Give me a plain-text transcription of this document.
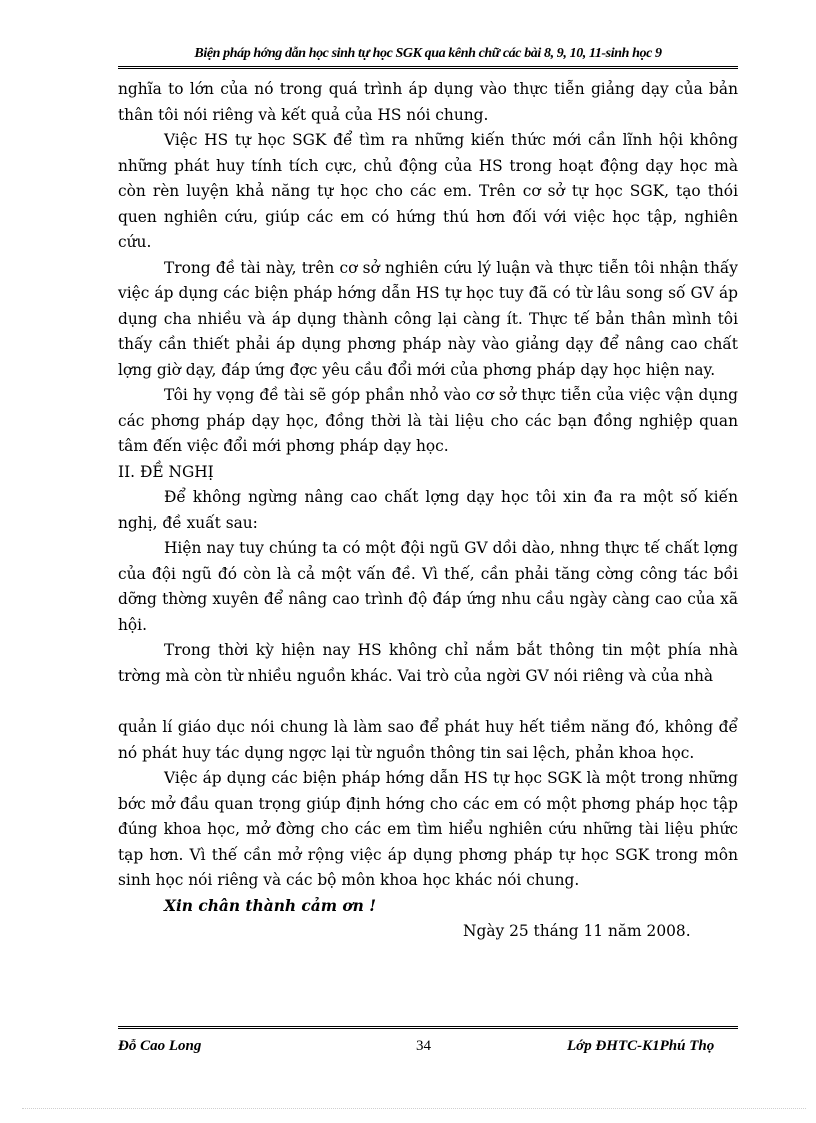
Biện pháp hớng dẫn học sinh tự học SGK qua kênh chữ các bài 8, 9, 10, 11-sinh học 9

nghĩa to lớn của nó trong quá trình áp dụng vào thực tiễn giảng dạy của bản thân tôi nói riêng và kết quả của HS nói chung.

Việc HS tự học SGK để tìm ra những kiến thức mới cần lĩnh hội không những phát huy tính tích cực, chủ động của HS trong hoạt động dạy học mà còn rèn luyện khả năng tự học cho các em. Trên cơ sở tự học SGK, tạo thói quen nghiên cứu, giúp các em có hứng thú hơn đối với việc học tập, nghiên cứu.

Trong đề tài này, trên cơ sở nghiên cứu lý luận và thực tiễn tôi nhận thấy việc áp dụng các biện pháp hớng dẫn HS tự học tuy đã có từ lâu song số GV áp dụng cha nhiều và áp dụng thành công lại càng ít. Thực tế bản thân mình tôi thấy cần thiết phải áp dụng phơng pháp này vào giảng dạy để nâng cao chất lợng giờ dạy, đáp ứng đợc yêu cầu đổi mới của phơng pháp dạy học hiện nay.

Tôi hy vọng đề tài sẽ góp phần nhỏ vào cơ sở thực tiễn của việc vận dụng các phơng pháp dạy học, đồng thời là tài liệu cho các bạn đồng nghiệp quan tâm đến việc đổi mới phơng pháp dạy học.

II. ĐỀ NGHỊ

Để không ngừng nâng cao chất lợng dạy học tôi xin đa ra một số kiến nghị, đề xuất sau:

Hiện nay tuy chúng ta có một đội ngũ GV dồi dào, nhng thực tế chất lợng của đội ngũ đó còn là cả một vấn đề. Vì thế, cần phải tăng cờng công tác bồi dỡng thờng xuyên để nâng cao trình độ đáp ứng nhu cầu ngày càng cao của xã hội.

Trong thời kỳ hiện nay HS không chỉ nắm bắt thông tin một phía nhà trờng mà còn từ nhiều nguồn khác. Vai trò của ngời GV nói riêng và của nhà

quản lí giáo dục nói chung là làm sao để phát huy hết tiềm năng đó, không để nó phát huy tác dụng ngợc lại từ nguồn thông tin sai lệch, phản khoa học.

Việc áp dụng các biện pháp hớng dẫn HS tự học SGK là một trong những bớc mở đầu quan trọng giúp định hớng cho các em có một phơng pháp học tập đúng khoa học, mở đờng cho các em tìm hiểu nghiên cứu những tài liệu phức tạp hơn. Vì thế cần mở rộng việc áp dụng phơng pháp tự học SGK trong môn sinh học nói riêng và các bộ môn khoa học khác nói chung.

Xin chân thành cảm ơn !

Ngày 25 tháng 11 năm 2008.

Đỗ Cao Long	34	Lớp ĐHTC-K1Phú Thọ
